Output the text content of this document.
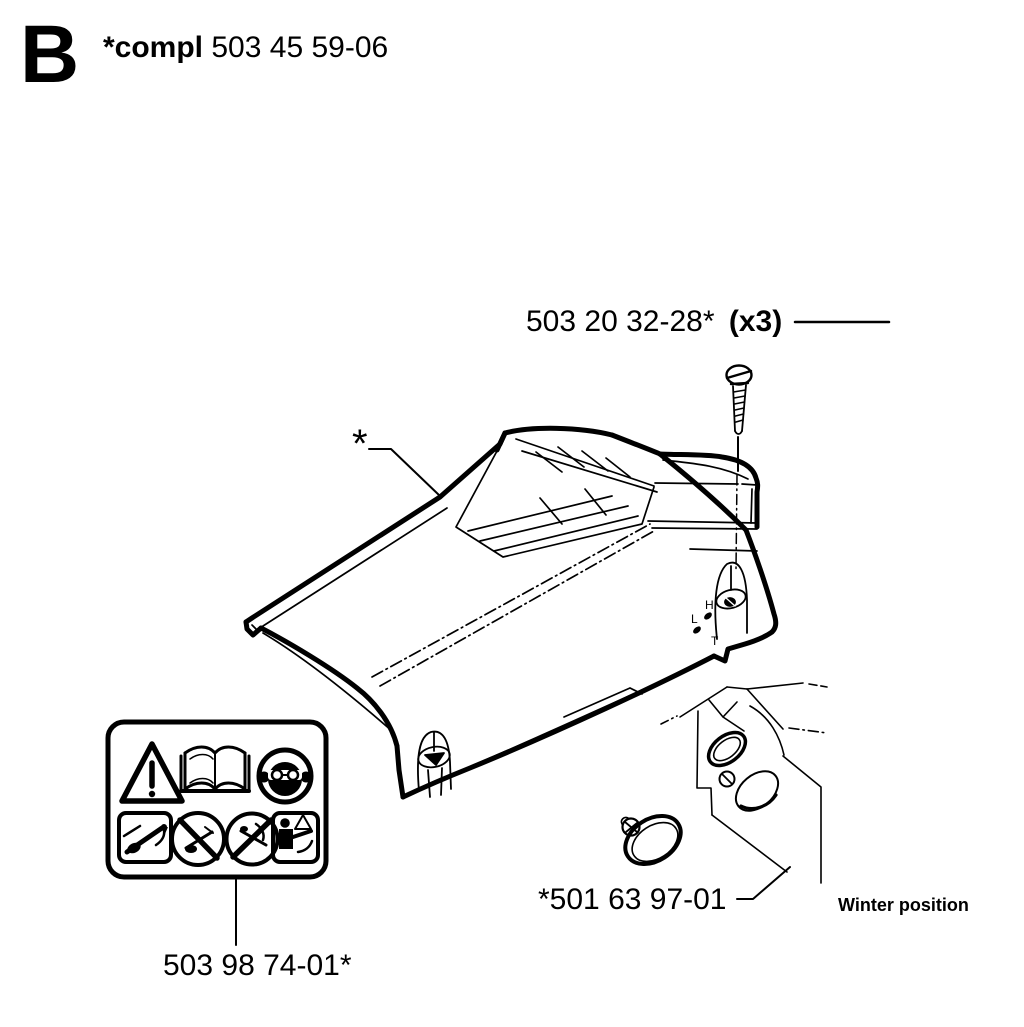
H
L
T
B *compl 503 45 59-06
503 20 32-28* (x3)
*
*501 63 97-01	Winter position
503 98 74-01*
